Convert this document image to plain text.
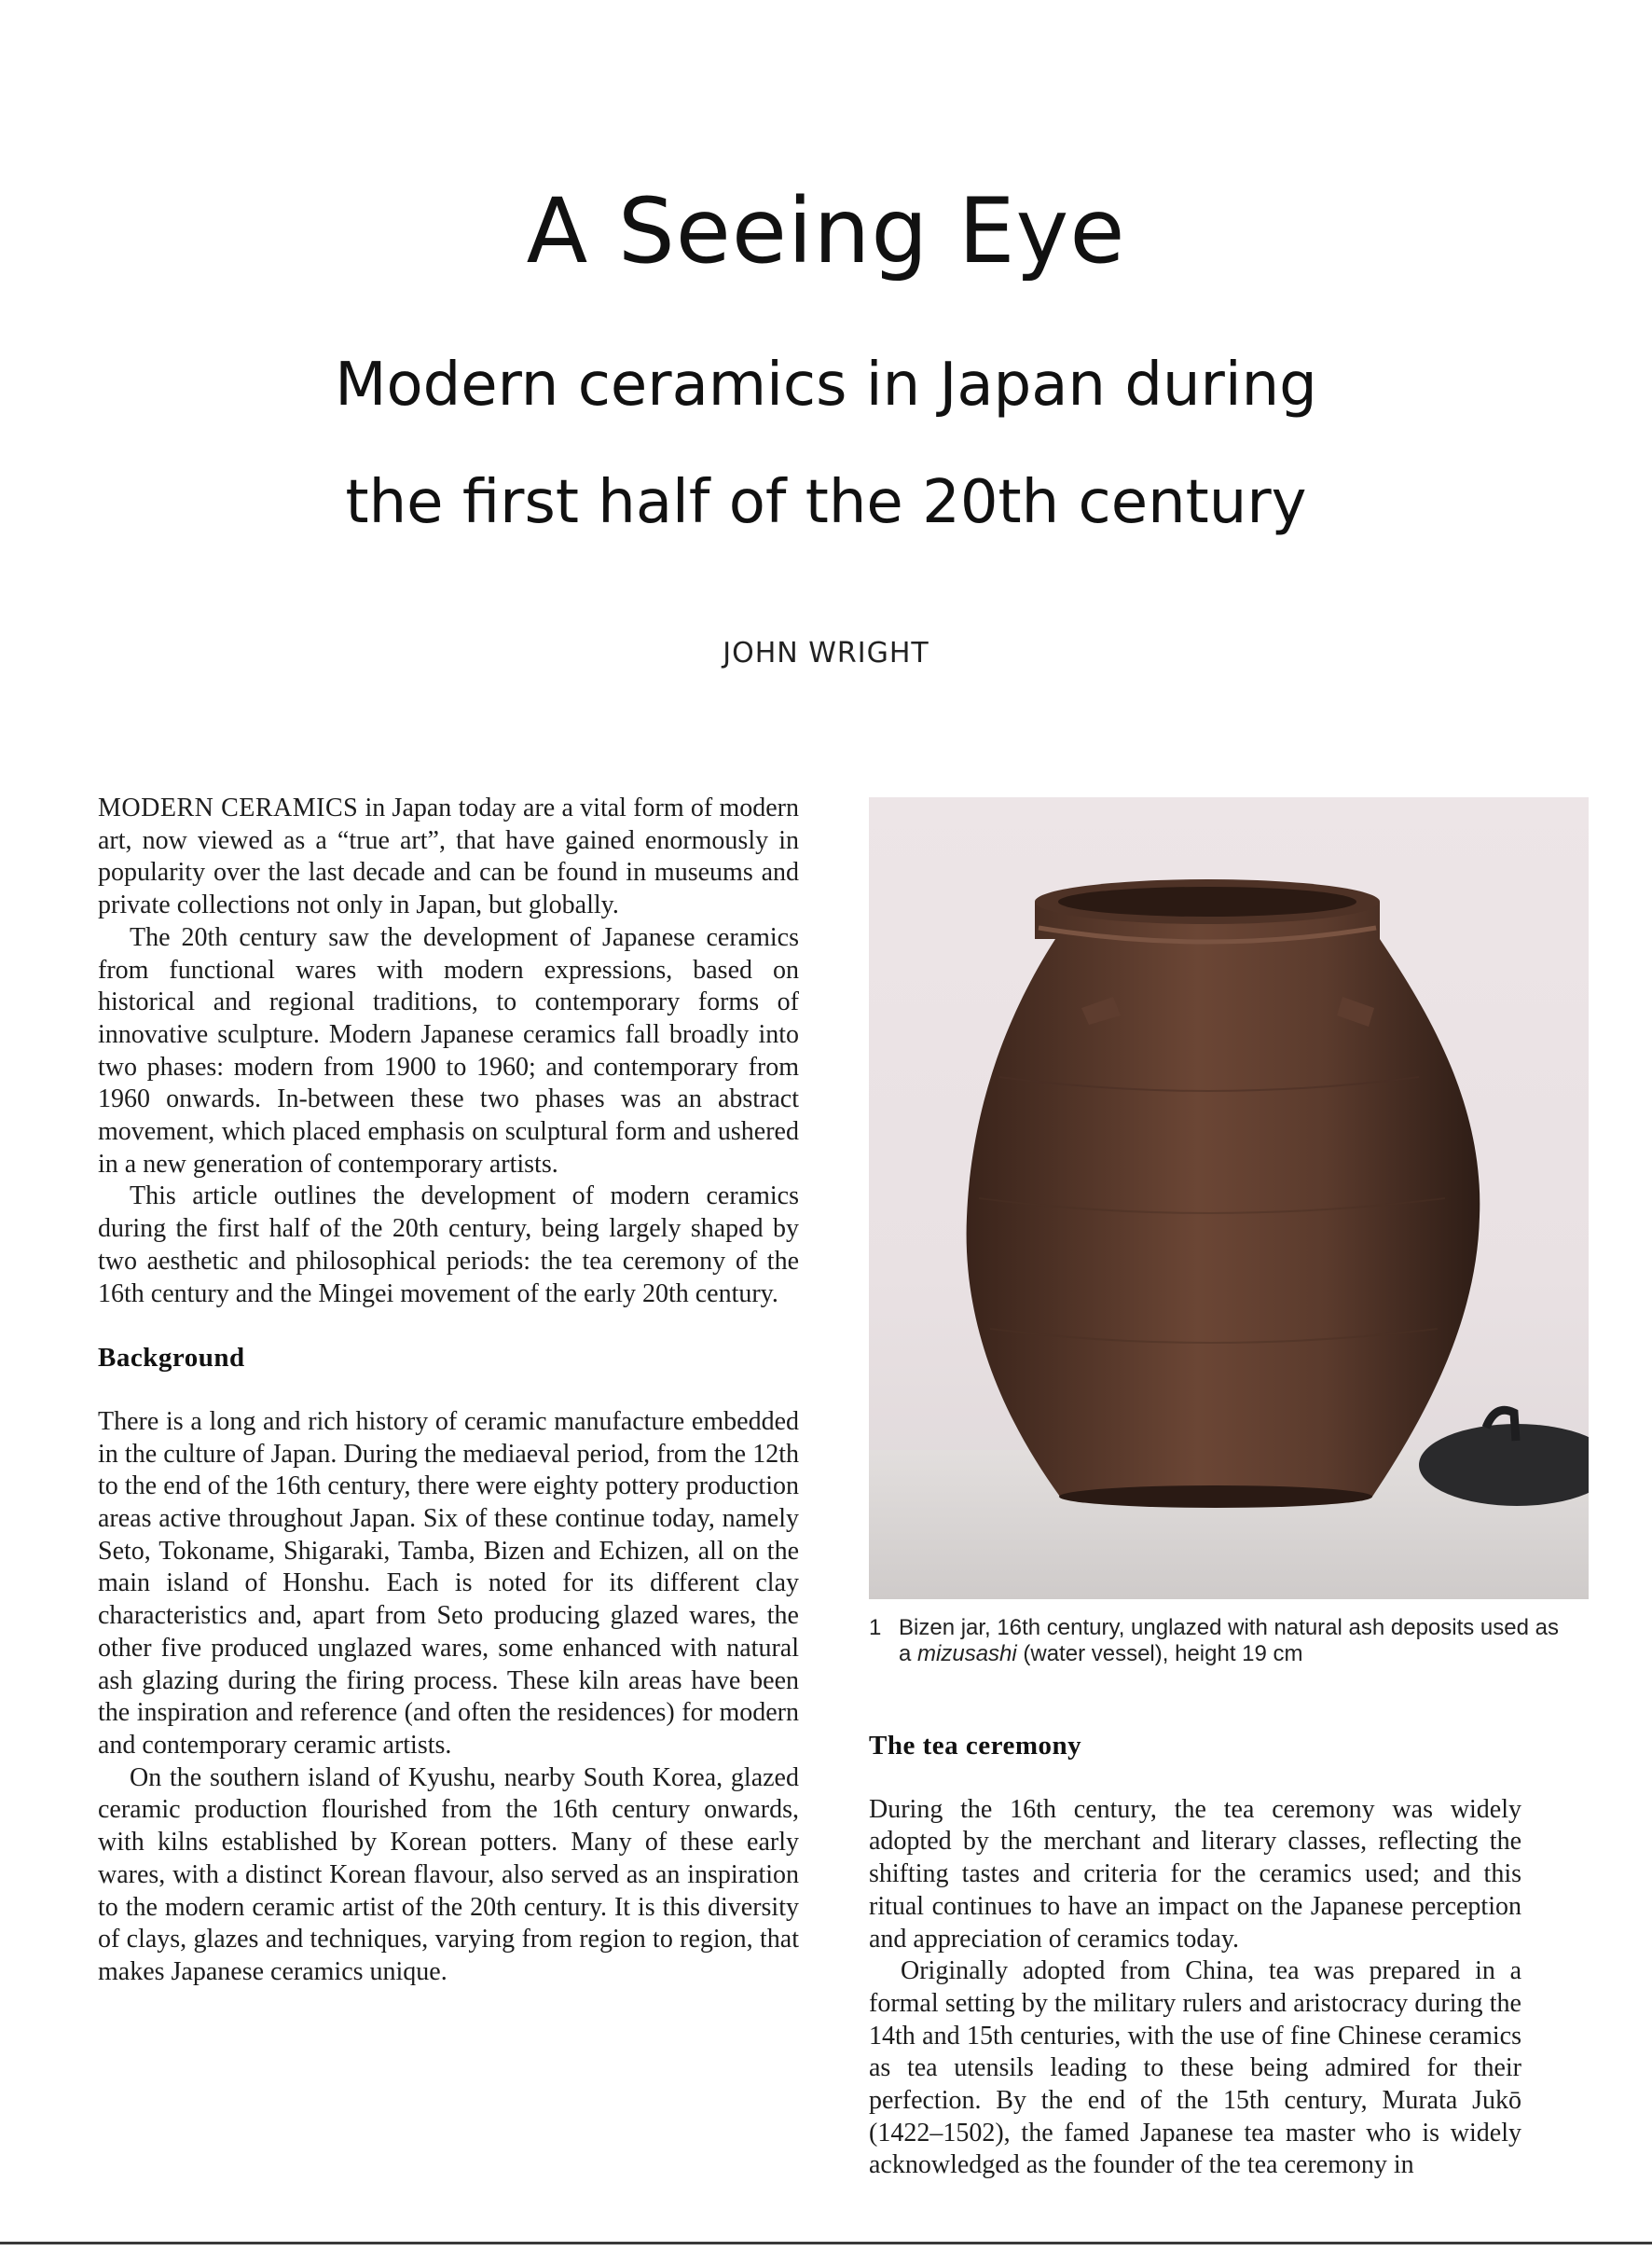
A Seeing Eye
Modern ceramics in Japan during
the first half of the 20th century
JOHN WRIGHT

MODERN CERAMICS in Japan today are a vital form of modern art, now viewed as a “true art”, that have gained enormously in popularity over the last decade and can be found in museums and private collections not only in Japan, but globally.

The 20th century saw the development of Japanese ceramics from functional wares with modern expressions, based on historical and regional traditions, to contemporary forms of innovative sculpture. Modern Japanese ceramics fall broadly into two phases: modern from 1900 to 1960; and contemporary from 1960 onwards. In-between these two phases was an abstract movement, which placed emphasis on sculptural form and ushered in a new generation of contemporary artists.

This article outlines the development of modern ceramics during the first half of the 20th century, being largely shaped by two aesthetic and philosophical periods: the tea ceremony of the 16th century and the Mingei movement of the early 20th century.

Background

There is a long and rich history of ceramic manufacture embedded in the culture of Japan. During the mediaeval period, from the 12th to the end of the 16th century, there were eighty pottery production areas active throughout Japan. Six of these continue today, namely Seto, Tokoname, Shigaraki, Tamba, Bizen and Echizen, all on the main island of Honshu. Each is noted for its different clay characteristics and, apart from Seto producing glazed wares, the other five produced unglazed wares, some enhanced with natural ash glazing during the firing process. These kiln areas have been the inspiration and reference (and often the residences) for modern and contemporary ceramic artists.

On the southern island of Kyushu, nearby South Korea, glazed ceramic production flourished from the 16th century onwards, with kilns established by Korean potters. Many of these early wares, with a distinct Korean flavour, also served as an inspiration to the modern ceramic artist of the 20th century. It is this diversity of clays, glazes and techniques, varying from region to region, that makes Japanese ceramics unique.

1 Bizen jar, 16th century, unglazed with natural ash deposits used as a mizusashi (water vessel), height 19 cm
The tea ceremony

During the 16th century, the tea ceremony was widely adopted by the merchant and literary classes, reflecting the shifting tastes and criteria for the ceramics used; and this ritual continues to have an impact on the Japanese perception and appreciation of ceramics today.

Originally adopted from China, tea was prepared in a formal setting by the military rulers and aristocracy during the 14th and 15th centuries, with the use of fine Chinese ceramics as tea utensils leading to these being admired for their perfection. By the end of the 15th century, Murata Jukō (1422–1502), the famed Japanese tea master who is widely acknowledged as the founder of the tea ceremony in
